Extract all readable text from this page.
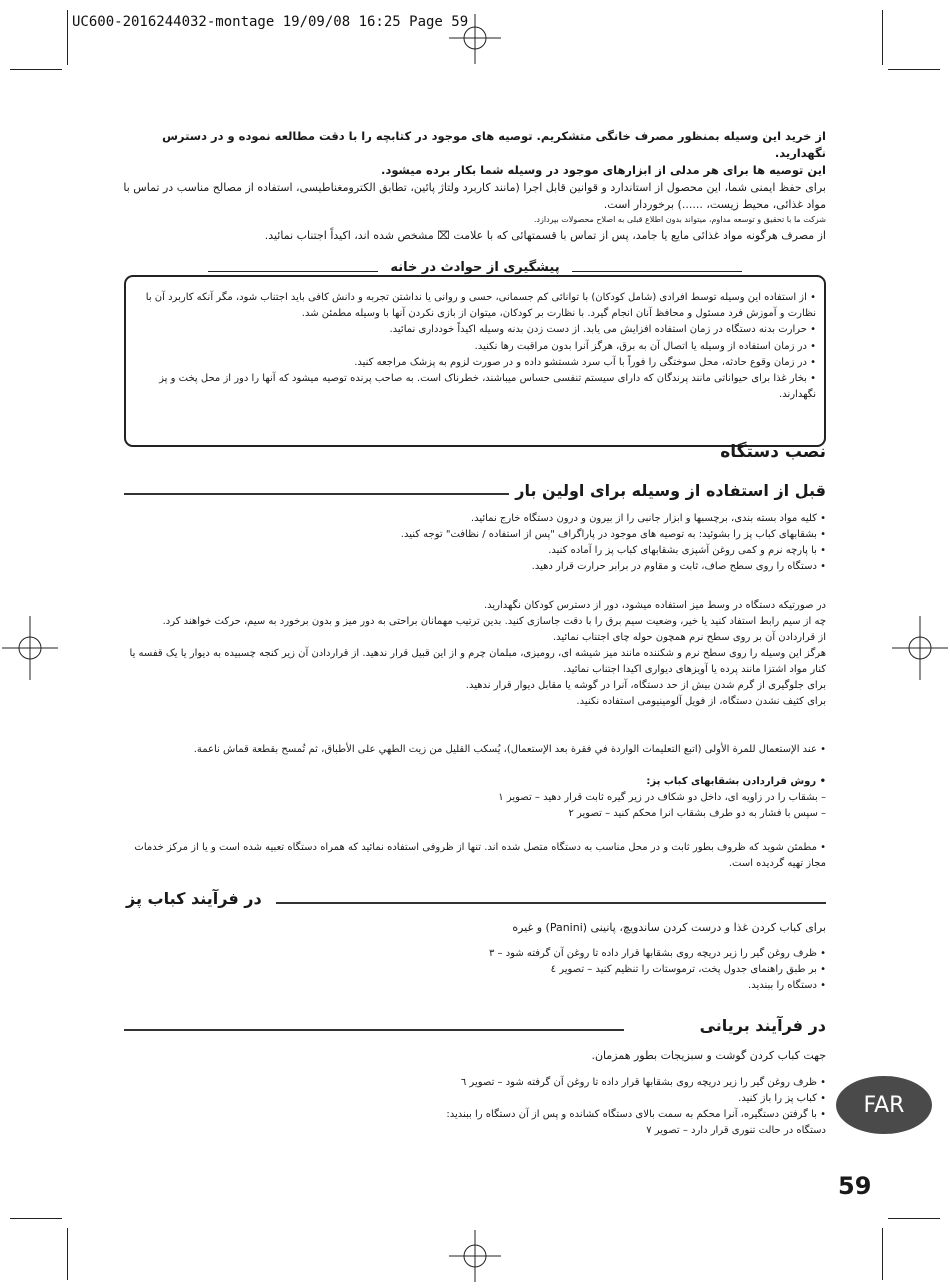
UC600-2016244032-montage 19/09/08 16:25 Page 59

از خرید این وسیله بمنظور مصرف خانگی متشکریم. توصیه های موجود در کتابچه را با دقت مطالعه نموده و در دسترس نگهدارید.

این توصیه ها برای هر مدلی از ابزارهای موجود در وسیله شما بکار برده میشود.

برای حفظ ایمنی شما، این محصول از استاندارد و قوانین قابل اجرا (مانند کاربرد ولتاژ پائین، تطابق الکترومغناطیسی، استفاده از مصالح مناسب در تماس با مواد غذائی، محیط زیست، ......) برخوردار است.

شرکت ما با تحقیق و توسعه مداوم، میتواند بدون اطلاع قبلی به اصلاح محصولات بپردازد.

از مصرف هرگونه مواد غذائی مایع یا جامد، پس از تماس با قسمتهائی که با علامت ⌧ مشخص شده اند، اکیداً اجتناب نمائید.

پیشگیری از حوادث در خانه
• از استفاده این وسیله توسط افرادی (شامل کودکان) با توانائی کم جسمانی، حسی و روانی یا نداشتن تجربه و دانش کافی باید اجتناب شود، مگر آنکه کاربرد آن با نظارت و آموزش فرد مسئول و محافظ آنان انجام گیرد. با نظارت بر کودکان، میتوان از بازی نکردن آنها با وسیله مطمئن شد.
• حرارت بدنه دستگاه در زمان استفاده افزایش می یابد. از دست زدن بدنه وسیله اکیداً خودداری نمائید.
• در زمان استفاده از وسیله یا اتصال آن به برق، هرگز آنرا بدون مراقبت رها نکنید.
• در زمان وقوع حادثه، محل سوختگی را فوراً با آب سرد شستشو داده و در صورت لزوم به پزشک مراجعه کنید.
• بخار غذا برای حیواناتی مانند پرندگان که دارای سیستم تنفسی حساس میباشند، خطرناک است. به صاحب پرنده توصیه میشود که آنها را دور از محل پخت و پز نگهدارند.
نصب دستگاه
قبل از استفاده از وسیله برای اولین بار
• کلیه مواد بسته بندی، برچسبها و ابزار جانبی را از بیرون و درون دستگاه خارج نمائید.
• بشقابهای کباب پز را بشوئید: به توصیه های موجود در پاراگراف "پس از استفاده / نظافت" توجه کنید.
• با پارچه نرم و کمی روغن آشپزی بشقابهای کباب پز را آماده کنید.
• دستگاه را روی سطح صاف، ثابت و مقاوم در برابر حرارت قرار دهید.
در صورتیکه دستگاه در وسط میز استفاده میشود، دور از دسترس کودکان نگهدارید.
چه از سیم رابط استفاد کنید یا خیر، وضعیت سیم برق را با دقت جاسازی کنید. بدین ترتیب مهمانان براحتی به دور میز و بدون برخورد به سیم، حرکت خواهند کرد.
از قراردادن آن بر روی سطح نرم همچون حوله چای اجتناب نمائید.
هرگز این وسیله را روی سطح نرم و شکننده مانند میز شیشه ای، رومیزی، مبلمان چرم و از این قبیل قرار ندهید. از قراردادن آن زیر کنجه چسبیده به دیوار یا یک قفسه یا کنار مواد اشتزا مانند پرده یا آویزهای دیواری اکیدا اجتناب نمائید.
برای جلوگیری از گرم شدن بیش از حد دستگاه، آنرا در گوشه یا مقابل دیوار قرار ندهید.
برای کثیف نشدن دستگاه، از فویل آلومینیومی استفاده نکنید.
• عند الإستعمال للمرة الأولى (اتبع التعليمات الواردة في فقرة بعد الإستعمال)، يُسكب القليل من زيت الطهي على الأطباق، ثم تُمسح بقطعة قماش ناعمة.
• روش قراردادن بشقابهای کباب پز:
– بشقاب را در زاویه ای، داخل دو شکاف در زیر گیره ثابت قرار دهید – تصویر ۱
– سپس با فشار به دو طرف بشقاب انرا محکم کنید – تصویر ۲
• مطمئن شوید که ظروف بطور ثابت و در محل مناسب به دستگاه متصل شده اند. تنها از ظروفی استفاده نمائید که همراه دستگاه تعبیه شده است و یا از مرکز خدمات مجاز تهیه گردیده است.
در فرآیند کباب پز
برای کباب کردن غذا و درست کردن ساندویچ، پانینی (Panini) و غیره
• ظرف روغن گیر را زیر دریچه روی بشقابها قرار داده تا روغن آن گرفته شود – ۳
• بر طبق راهنمای جدول پخت، ترموستات را تنظیم کنید – تصویر ٤
• دستگاه را ببندید.
در فرآیند بریانی
جهت کباب کردن گوشت و سبزیجات بطور همزمان.
• ظرف روغن گیر را زیر دریچه روی بشقابها قرار داده تا روغن آن گرفته شود – تصویر ٦
• کباب پز را باز کنید.
• با گرفتن دستگیره، آنرا محکم به سمت بالای دستگاه کشانده و پس از آن دستگاه را ببندید:
دستگاه در حالت تنوری قرار دارد – تصویر ۷
FAR
59
